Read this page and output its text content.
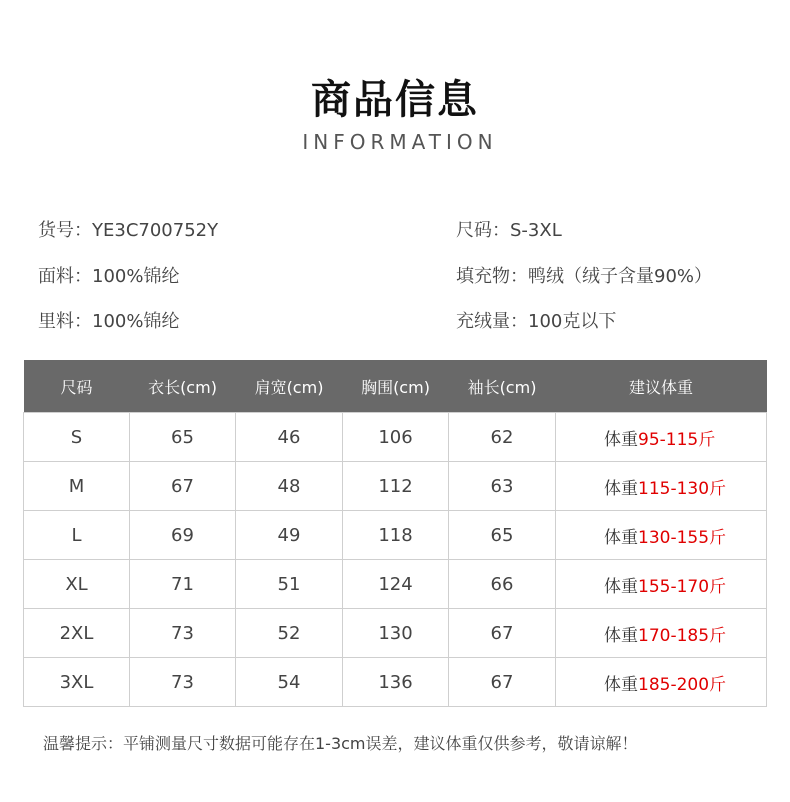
商品信息
INFORMATION
货号：YE3C700752Y
面料：100%锦纶
里料：100%锦纶
尺码：S-3XL
填充物：鸭绒（绒子含量90%）
充绒量：100克以下
尺码	衣长(cm)	肩宽(cm)	胸围(cm)	袖长(cm)	建议体重
S	65	46	106	62	体重95-115斤
M	67	48	112	63	体重115-130斤
L	69	49	118	65	体重130-155斤
XL	71	51	124	66	体重155-170斤
2XL	73	52	130	67	体重170-185斤
3XL	73	54	136	67	体重185-200斤
温馨提示：平铺测量尺寸数据可能存在1-3cm误差，建议体重仅供参考，敬请谅解！
